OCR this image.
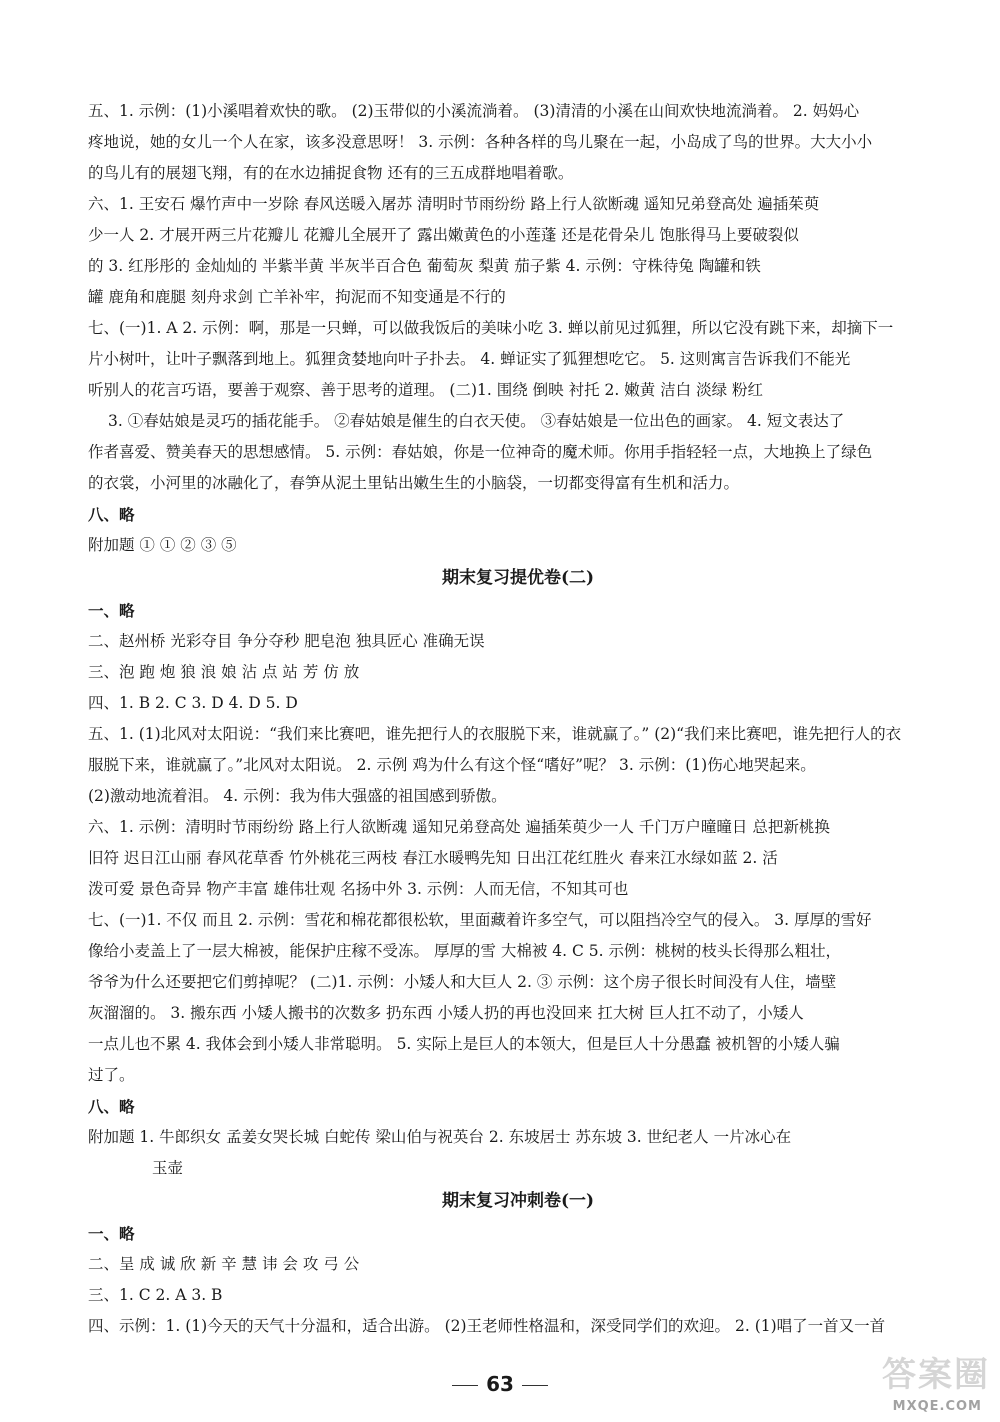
五、1. 示例：(1)小溪唱着欢快的歌。 (2)玉带似的小溪流淌着。 (3)清清的小溪在山间欢快地流淌着。 2. 妈妈心
疼地说，她的女儿一个人在家，该多没意思呀！ 3. 示例：各种各样的鸟儿聚在一起，小岛成了鸟的世界。大大小小
的鸟儿有的展翅飞翔，有的在水边捕捉食物 还有的三五成群地唱着歌。
六、1. 王安石 爆竹声中一岁除 春风送暖入屠苏 清明时节雨纷纷 路上行人欲断魂 遥知兄弟登高处 遍插茱萸
少一人 2. 才展开两三片花瓣儿 花瓣儿全展开了 露出嫩黄色的小莲蓬 还是花骨朵儿 饱胀得马上要破裂似
的 3. 红彤彤的 金灿灿的 半紫半黄 半灰半百合色 葡萄灰 梨黄 茄子紫 4. 示例：守株待兔 陶罐和铁
罐 鹿角和鹿腿 刻舟求剑 亡羊补牢，拘泥而不知变通是不行的
七、(一)1. A 2. 示例：啊，那是一只蝉，可以做我饭后的美味小吃 3. 蝉以前见过狐狸，所以它没有跳下来，却摘下一
片小树叶，让叶子飘落到地上。狐狸贪婪地向叶子扑去。 4. 蝉证实了狐狸想吃它。 5. 这则寓言告诉我们不能光
听别人的花言巧语，要善于观察、善于思考的道理。 (二)1. 围绕 倒映 衬托 2. 嫩黄 洁白 淡绿 粉红
3. ①春姑娘是灵巧的插花能手。 ②春姑娘是催生的白衣天使。 ③春姑娘是一位出色的画家。 4. 短文表达了
作者喜爱、赞美春天的思想感情。 5. 示例：春姑娘，你是一位神奇的魔术师。你用手指轻轻一点，大地换上了绿色
的衣裳，小河里的冰融化了，春笋从泥土里钻出嫩生生的小脑袋，一切都变得富有生机和活力。
八、略
附加题 ① ① ② ③ ⑤
期末复习提优卷(二)
一、略
二、赵州桥 光彩夺目 争分夺秒 肥皂泡 独具匠心 准确无误
三、泡 跑 炮 狼 浪 娘 沾 点 站 芳 仿 放
四、1. B 2. C 3. D 4. D 5. D
五、1. (1)北风对太阳说：“我们来比赛吧，谁先把行人的衣服脱下来，谁就赢了。” (2)“我们来比赛吧，谁先把行人的衣
服脱下来，谁就赢了。”北风对太阳说。 2. 示例 鸡为什么有这个怪“嗜好”呢？ 3. 示例：(1)伤心地哭起来。
(2)激动地流着泪。 4. 示例：我为伟大强盛的祖国感到骄傲。
六、1. 示例：清明时节雨纷纷 路上行人欲断魂 遥知兄弟登高处 遍插茱萸少一人 千门万户曈曈日 总把新桃换
旧符 迟日江山丽 春风花草香 竹外桃花三两枝 春江水暖鸭先知 日出江花红胜火 春来江水绿如蓝 2. 活
泼可爱 景色奇异 物产丰富 雄伟壮观 名扬中外 3. 示例：人而无信，不知其可也
七、(一)1. 不仅 而且 2. 示例：雪花和棉花都很松软，里面藏着许多空气，可以阻挡冷空气的侵入。 3. 厚厚的雪好
像给小麦盖上了一层大棉被，能保护庄稼不受冻。 厚厚的雪 大棉被 4. C 5. 示例：桃树的枝头长得那么粗壮，
爷爷为什么还要把它们剪掉呢？ (二)1. 示例：小矮人和大巨人 2. ③ 示例：这个房子很长时间没有人住，墙壁
灰溜溜的。 3. 搬东西 小矮人搬书的次数多 扔东西 小矮人扔的再也没回来 扛大树 巨人扛不动了，小矮人
一点儿也不累 4. 我体会到小矮人非常聪明。 5. 实际上是巨人的本领大，但是巨人十分愚蠢 被机智的小矮人骗
过了。
八、略
附加题 1. 牛郎织女 孟姜女哭长城 白蛇传 梁山伯与祝英台 2. 东坡居士 苏东坡 3. 世纪老人 一片冰心在
玉壶
期末复习冲刺卷(一)
一、略
二、呈 成 诚 欣 新 辛 慧 讳 会 攻 弓 公
三、1. C 2. A 3. B
四、示例：1. (1)今天的天气十分温和，适合出游。 (2)王老师性格温和，深受同学们的欢迎。 2. (1)唱了一首又一首
63	答案圈
MXQE.COM
